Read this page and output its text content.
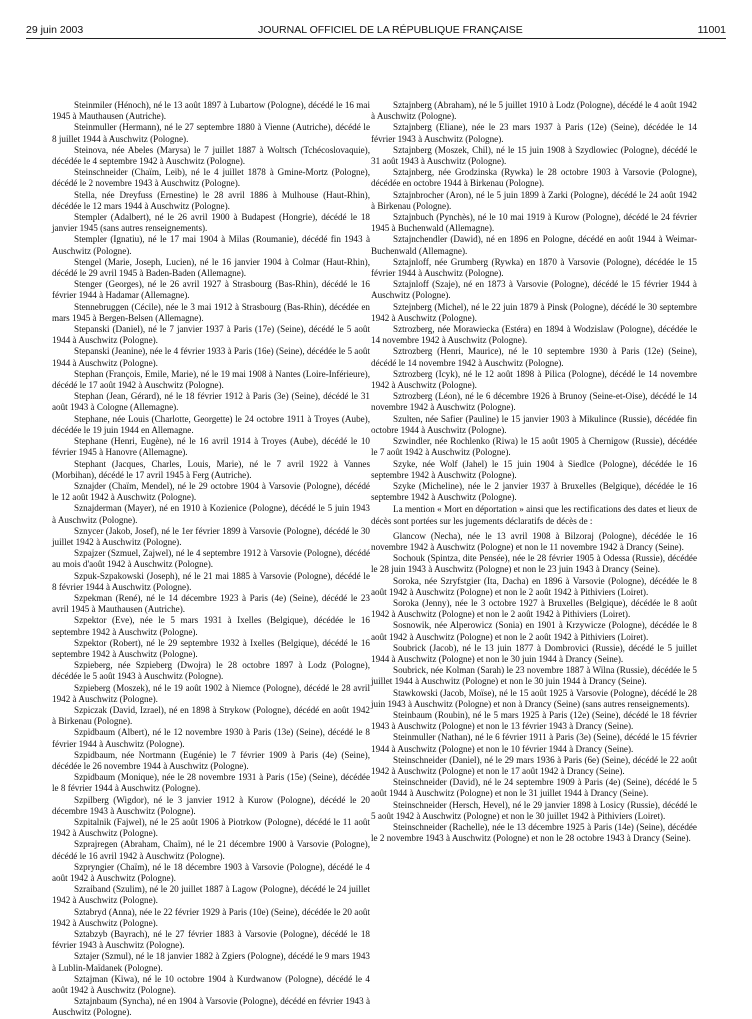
29 juin 2003	JOURNAL OFFICIEL DE LA RÉPUBLIQUE FRANÇAISE	11001

Steinmiler (Hénoch), né le 13 août 1897 à Lubartow (Pologne), décédé le 16 mai 1945 à Mauthausen (Autriche).

Steinmuller (Hermann), né le 27 septembre 1880 à Vienne (Autriche), décédé le 8 juillet 1944 à Auschwitz (Pologne).

Steinova, née Abeles (Marysa) le 7 juillet 1887 à Woltsch (Tchécoslovaquie), décédée le 4 septembre 1942 à Auschwitz (Pologne).

Steinschneider (Chaïm, Leib), né le 4 juillet 1878 à Gmine-Mortz (Pologne), décédé le 2 novembre 1943 à Auschwitz (Pologne).

Stella, née Dreyfuss (Ernestine) le 28 avril 1886 à Mulhouse (Haut-Rhin), décédée le 12 mars 1944 à Auschwitz (Pologne).

Stempler (Adalbert), né le 26 avril 1900 à Budapest (Hongrie), décédé le 18 janvier 1945 (sans autres renseignements).

Stempler (Ignatiu), né le 17 mai 1904 à Milas (Roumanie), décédé fin 1943 à Auschwitz (Pologne).

Stengel (Marie, Joseph, Lucien), né le 16 janvier 1904 à Colmar (Haut-Rhin), décédé le 29 avril 1945 à Baden-Baden (Allemagne).

Stenger (Georges), né le 26 avril 1927 à Strasbourg (Bas-Rhin), décédé le 16 février 1944 à Hadamar (Allemagne).

Stennebruggen (Cécile), née le 3 mai 1912 à Strasbourg (Bas-Rhin), décédée en mars 1945 à Bergen-Belsen (Allemagne).

Stepanski (Daniel), né le 7 janvier 1937 à Paris (17e) (Seine), décédé le 5 août 1944 à Auschwitz (Pologne).

Stepanski (Jeanine), née le 4 février 1933 à Paris (16e) (Seine), décédée le 5 août 1944 à Auschwitz (Pologne).

Stephan (François, Emile, Marie), né le 19 mai 1908 à Nantes (Loire-Inférieure), décédé le 17 août 1942 à Auschwitz (Pologne).

Stephan (Jean, Gérard), né le 18 février 1912 à Paris (3e) (Seine), décédé le 31 août 1943 à Cologne (Allemagne).

Stephane, née Louis (Charlotte, Georgette) le 24 octobre 1911 à Troyes (Aube), décédée le 19 juin 1944 en Allemagne.

Stephane (Henri, Eugène), né le 16 avril 1914 à Troyes (Aube), décédé le 10 février 1945 à Hanovre (Allemagne).

Stephant (Jacques, Charles, Louis, Marie), né le 7 avril 1922 à Vannes (Morbihan), décédé le 17 avril 1945 à Ferg (Autriche).

Sznajder (Chaïm, Mendel), né le 29 octobre 1904 à Varsovie (Pologne), décédé le 12 août 1942 à Auschwitz (Pologne).

Sznajderman (Mayer), né en 1910 à Kozienice (Pologne), décédé le 5 juin 1943 à Auschwitz (Pologne).

Sznycer (Jakob, Josef), né le 1er février 1899 à Varsovie (Pologne), décédé le 30 juillet 1942 à Auschwitz (Pologne).

Szpajzer (Szmuel, Zajwel), né le 4 septembre 1912 à Varsovie (Pologne), décédé au mois d'août 1942 à Auschwitz (Pologne).

Szpuk-Szpakowski (Joseph), né le 21 mai 1885 à Varsovie (Pologne), décédé le 8 février 1944 à Auschwitz (Pologne).

Szpekman (René), né le 14 décembre 1923 à Paris (4e) (Seine), décédé le 23 avril 1945 à Mauthausen (Autriche).

Szpektor (Eve), née le 5 mars 1931 à Ixelles (Belgique), décédée le 16 septembre 1942 à Auschwitz (Pologne).

Szpektor (Robert), né le 29 septembre 1932 à Ixelles (Belgique), décédé le 16 septembre 1942 à Auschwitz (Pologne).

Szpieberg, née Szpieberg (Dwojra) le 28 octobre 1897 à Lodz (Pologne), décédée le 5 août 1943 à Auschwitz (Pologne).

Szpieberg (Moszek), né le 19 août 1902 à Niemce (Pologne), décédé le 28 avril 1942 à Auschwitz (Pologne).

Szpiczak (David, Izrael), né en 1898 à Strykow (Pologne), décédé en août 1942 à Birkenau (Pologne).

Szpidbaum (Albert), né le 12 novembre 1930 à Paris (13e) (Seine), décédé le 8 février 1944 à Auschwitz (Pologne).

Szpidbaum, née Nortmann (Eugénie) le 7 février 1909 à Paris (4e) (Seine), décédée le 26 novembre 1944 à Auschwitz (Pologne).

Szpidbaum (Monique), née le 28 novembre 1931 à Paris (15e) (Seine), décédée le 8 février 1944 à Auschwitz (Pologne).

Szpilberg (Wigdor), né le 3 janvier 1912 à Kurow (Pologne), décédé le 20 décembre 1943 à Auschwitz (Pologne).

Szpitalnik (Fajwel), né le 25 août 1906 à Piotrkow (Pologne), décédé le 11 août 1942 à Auschwitz (Pologne).

Szprajregen (Abraham, Chaïm), né le 21 décembre 1900 à Varsovie (Pologne), décédé le 16 avril 1942 à Auschwitz (Pologne).

Szpryngier (Chaïm), né le 18 décembre 1903 à Varsovie (Pologne), décédé le 4 août 1942 à Auschwitz (Pologne).

Szraiband (Szulim), né le 20 juillet 1887 à Lagow (Pologne), décédé le 24 juillet 1942 à Auschwitz (Pologne).

Sztabryd (Anna), née le 22 février 1929 à Paris (10e) (Seine), décédée le 20 août 1942 à Auschwitz (Pologne).

Sztabzyb (Bayrach), né le 27 février 1883 à Varsovie (Pologne), décédé le 18 février 1943 à Auschwitz (Pologne).

Sztajer (Szmul), né le 18 janvier 1882 à Zgiers (Pologne), décédé le 9 mars 1943 à Lublin-Maïdanek (Pologne).

Sztajman (Kiwa), né le 10 octobre 1904 à Kurdwanow (Pologne), décédé le 4 août 1942 à Auschwitz (Pologne).

Sztajnbaum (Syncha), né en 1904 à Varsovie (Pologne), décédé en février 1943 à Auschwitz (Pologne).

Sztajnberg (Abraham), né le 5 juillet 1910 à Lodz (Pologne), décédé le 4 août 1942 à Auschwitz (Pologne).

Sztajnberg (Eliane), née le 23 mars 1937 à Paris (12e) (Seine), décédée le 14 février 1943 à Auschwitz (Pologne).

Sztajnberg (Moszek, Chil), né le 15 juin 1908 à Szydlowiec (Pologne), décédé le 31 août 1943 à Auschwitz (Pologne).

Sztajnberg, née Grodzinska (Rywka) le 28 octobre 1903 à Varsovie (Pologne), décédée en octobre 1944 à Birkenau (Pologne).

Sztajnbrocher (Aron), né le 5 juin 1899 à Zarki (Pologne), décédé le 24 août 1942 à Birkenau (Pologne).

Sztajnbuch (Pynchès), né le 10 mai 1919 à Kurow (Pologne), décédé le 24 février 1945 à Buchenwald (Allemagne).

Sztajnchendler (Dawid), né en 1896 en Pologne, décédé en août 1944 à Weimar-Buchenwald (Allemagne).

Sztajnloff, née Grumberg (Rywka) en 1870 à Varsovie (Pologne), décédée le 15 février 1944 à Auschwitz (Pologne).

Sztajnloff (Szaje), né en 1873 à Varsovie (Pologne), décédé le 15 février 1944 à Auschwitz (Pologne).

Sztejnberg (Michel), né le 22 juin 1879 à Pinsk (Pologne), décédé le 30 septembre 1942 à Auschwitz (Pologne).

Sztrozberg, née Morawiecka (Estéra) en 1894 à Wodzislaw (Pologne), décédée le 14 novembre 1942 à Auschwitz (Pologne).

Sztrozberg (Henri, Maurice), né le 10 septembre 1930 à Paris (12e) (Seine), décédé le 14 novembre 1942 à Auschwitz (Pologne).

Sztrozberg (Icyk), né le 12 août 1898 à Pilica (Pologne), décédé le 14 novembre 1942 à Auschwitz (Pologne).

Sztrozberg (Léon), né le 6 décembre 1926 à Brunoy (Seine-et-Oise), décédé le 14 novembre 1942 à Auschwitz (Pologne).

Szulten, née Safier (Pauline) le 15 janvier 1903 à Mikulince (Russie), décédée fin octobre 1944 à Auschwitz (Pologne).

Szwindler, née Rochlenko (Riwa) le 15 août 1905 à Chernigow (Russie), décédée le 7 août 1942 à Auschwitz (Pologne).

Szyke, née Wolf (Jahel) le 15 juin 1904 à Siedlce (Pologne), décédée le 16 septembre 1942 à Auschwitz (Pologne).

Szyke (Micheline), née le 2 janvier 1937 à Bruxelles (Belgique), décédée le 16 septembre 1942 à Auschwitz (Pologne).

La mention « Mort en déportation » ainsi que les rectifications des dates et lieux de décès sont portées sur les jugements déclaratifs de décès de :

Glancow (Necha), née le 13 avril 1908 à Bilzoraj (Pologne), décédée le 16 novembre 1942 à Auschwitz (Pologne) et non le 11 novembre 1942 à Drancy (Seine).

Sochouk (Spintza, dite Pensée), née le 28 février 1905 à Odessa (Russie), décédée le 28 juin 1943 à Auschwitz (Pologne) et non le 23 juin 1943 à Drancy (Seine).

Soroka, née Szryfstgier (Ita, Dacha) en 1896 à Varsovie (Pologne), décédée le 8 août 1942 à Auschwitz (Pologne) et non le 2 août 1942 à Pithiviers (Loiret).

Soroka (Jenny), née le 3 octobre 1927 à Bruxelles (Belgique), décédée le 8 août 1942 à Auschwitz (Pologne) et non le 2 août 1942 à Pithiviers (Loiret).

Sosnowik, née Alperowicz (Sonia) en 1901 à Krzywicze (Pologne), décédée le 8 août 1942 à Auschwitz (Pologne) et non le 2 août 1942 à Pithiviers (Loiret).

Soubrick (Jacob), né le 13 juin 1877 à Dombrovici (Russie), décédé le 5 juillet 1944 à Auschwitz (Pologne) et non le 30 juin 1944 à Drancy (Seine).

Soubrick, née Kolman (Sarah) le 23 novembre 1887 à Wilna (Russie), décédée le 5 juillet 1944 à Auschwitz (Pologne) et non le 30 juin 1944 à Drancy (Seine).

Stawkowski (Jacob, Moïse), né le 15 août 1925 à Varsovie (Pologne), décédé le 28 juin 1943 à Auschwitz (Pologne) et non à Drancy (Seine) (sans autres renseignements).

Steinbaum (Roubin), né le 5 mars 1925 à Paris (12e) (Seine), décédé le 18 février 1943 à Auschwitz (Pologne) et non le 13 février 1943 à Drancy (Seine).

Steinmuller (Nathan), né le 6 février 1911 à Paris (3e) (Seine), décédé le 15 février 1944 à Auschwitz (Pologne) et non le 10 février 1944 à Drancy (Seine).

Steinschneider (Daniel), né le 29 mars 1936 à Paris (6e) (Seine), décédé le 22 août 1942 à Auschwitz (Pologne) et non le 17 août 1942 à Drancy (Seine).

Steinschneider (David), né le 24 septembre 1909 à Paris (4e) (Seine), décédé le 5 août 1944 à Auschwitz (Pologne) et non le 31 juillet 1944 à Drancy (Seine).

Steinschneider (Hersch, Hevel), né le 29 janvier 1898 à Losicy (Russie), décédé le 5 août 1942 à Auschwitz (Pologne) et non le 30 juillet 1942 à Pithiviers (Loiret).

Steinschneider (Rachelle), née le 13 décembre 1925 à Paris (14e) (Seine), décédée le 2 novembre 1943 à Auschwitz (Pologne) et non le 28 octobre 1943 à Drancy (Seine).
